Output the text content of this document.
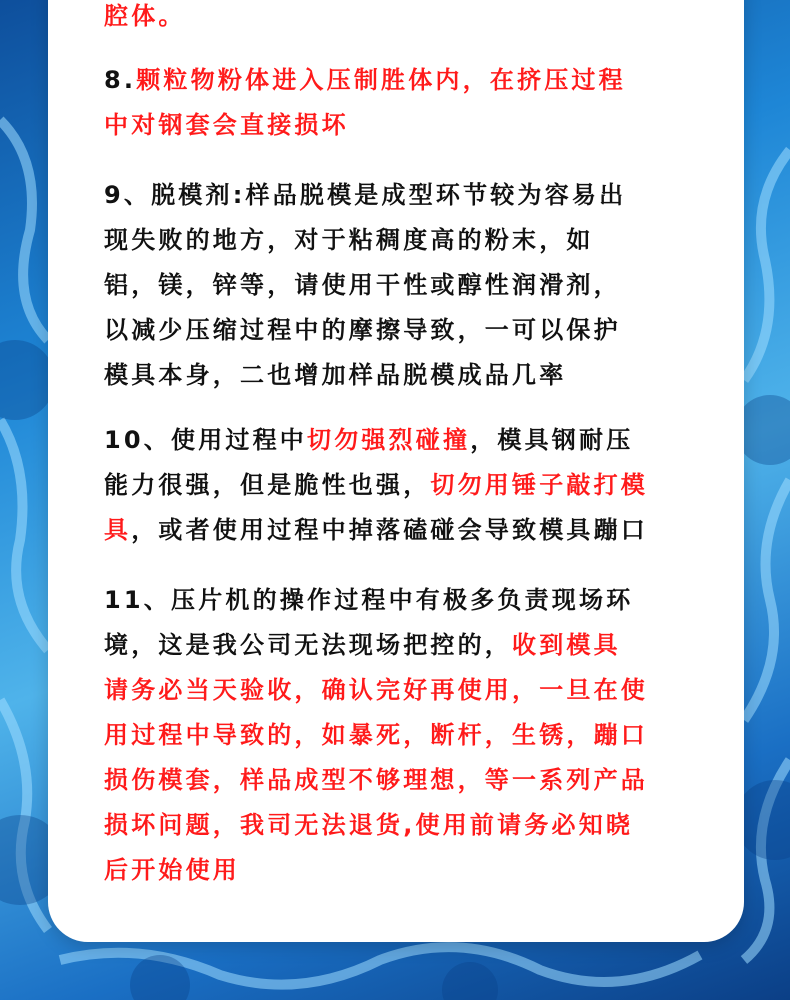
腔体。

8.颗粒物粉体进入压制胜体内，在挤压过程

中对钢套会直接损坏

9、脱模剂:样品脱模是成型环节较为容易出

现失败的地方，对于粘稠度高的粉末，如

铝，镁，锌等，请使用干性或醇性润滑剂，

以减少压缩过程中的摩擦导致，一可以保护

模具本身，二也增加样品脱模成品几率

10、使用过程中切勿强烈碰撞，模具钢耐压

能力很强，但是脆性也强，切勿用锤子敲打模

具，或者使用过程中掉落磕碰会导致模具蹦口

11、压片机的操作过程中有极多负责现场环

境，这是我公司无法现场把控的，收到模具

请务必当天验收，确认完好再使用，一旦在使

用过程中导致的，如暴死，断杆，生锈，蹦口

损伤模套，样品成型不够理想，等一系列产品

损坏问题，我司无法退货,使用前请务必知晓

后开始使用
